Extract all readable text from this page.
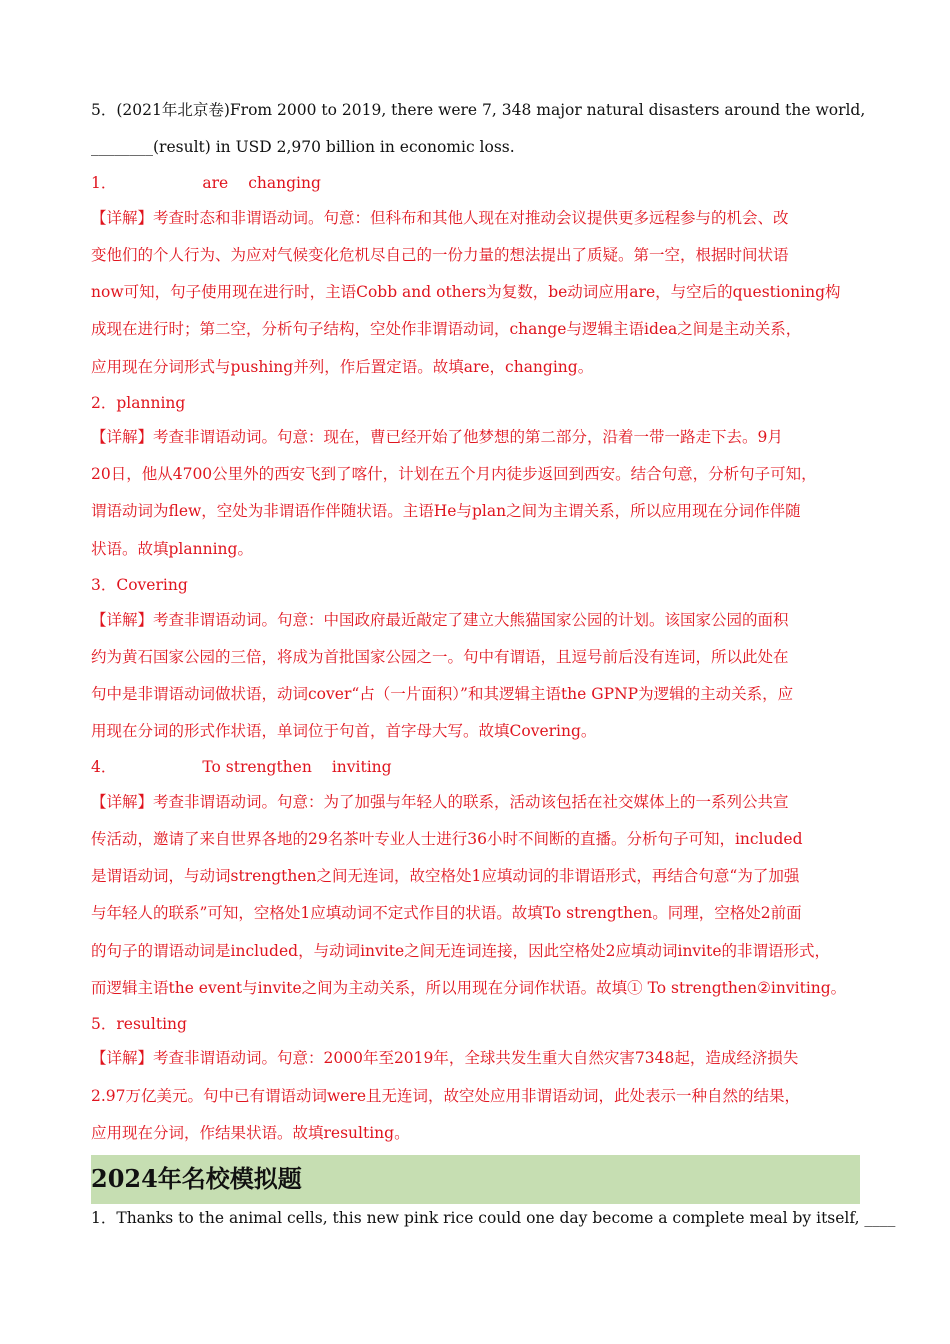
5．(2021年北京卷)From 2000 to 2019, there were 7, 348 major natural disasters around the world,
________(result) in USD 2,970 billion in economic loss.
1．	are changing
【详解】考查时态和非谓语动词。句意：但科布和其他人现在对推动会议提供更多远程参与的机会、改
变他们的个人行为、为应对气候变化危机尽自己的一份力量的想法提出了质疑。第一空，根据时间状语
now可知，句子使用现在进行时，主语Cobb and others为复数，be动词应用are，与空后的questioning构
成现在进行时；第二空，分析句子结构，空处作非谓语动词，change与逻辑主语idea之间是主动关系，
应用现在分词形式与pushing并列，作后置定语。故填are，changing。
2．planning
【详解】考查非谓语动词。句意：现在，曹已经开始了他梦想的第二部分，沿着一带一路走下去。9月
20日，他从4700公里外的西安飞到了喀什，计划在五个月内徒步返回到西安。结合句意，分析句子可知，
谓语动词为flew，空处为非谓语作伴随状语。主语He与plan之间为主谓关系，所以应用现在分词作伴随
状语。故填planning。
3．Covering
【详解】考查非谓语动词。句意：中国政府最近敲定了建立大熊猫国家公园的计划。该国家公园的面积
约为黄石国家公园的三倍，将成为首批国家公园之一。句中有谓语，且逗号前后没有连词，所以此处在
句中是非谓语动词做状语，动词cover“占（一片面积）”和其逻辑主语the GPNP为逻辑的主动关系，应
用现在分词的形式作状语，单词位于句首，首字母大写。故填Covering。
4．	To strengthen inviting
【详解】考查非谓语动词。句意：为了加强与年轻人的联系，活动该包括在社交媒体上的一系列公共宣
传活动，邀请了来自世界各地的29名茶叶专业人士进行36小时不间断的直播。分析句子可知，included
是谓语动词，与动词strengthen之间无连词，故空格处1应填动词的非谓语形式，再结合句意“为了加强
与年轻人的联系”可知，空格处1应填动词不定式作目的状语。故填To strengthen。同理，空格处2前面
的句子的谓语动词是included，与动词invite之间无连词连接，因此空格处2应填动词invite的非谓语形式，
而逻辑主语the event与invite之间为主动关系，所以用现在分词作状语。故填① To strengthen②inviting。
5．resulting
【详解】考查非谓语动词。句意：2000年至2019年，全球共发生重大自然灾害7348起，造成经济损失
2.97万亿美元。句中已有谓语动词were且无连词，故空处应用非谓语动词，此处表示一种自然的结果，
应用现在分词，作结果状语。故填resulting。
2024年名校模拟题
1．Thanks to the animal cells, this new pink rice could one day become a complete meal by itself, ____
